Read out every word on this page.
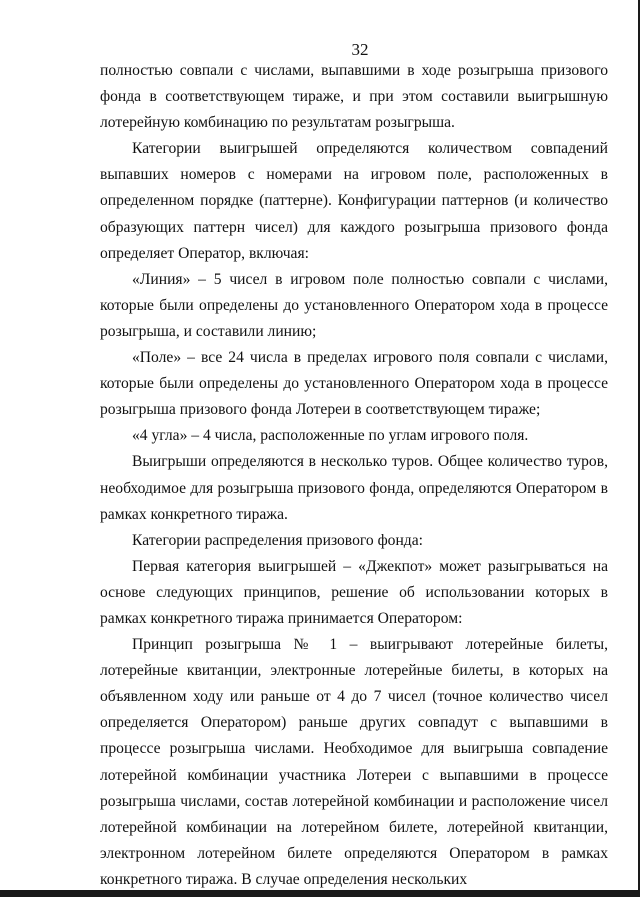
32

полностью совпали с числами, выпавшими в ходе розыгрыша призового фонда в соответствующем тираже, и при этом составили выигрышную лотерейную комбинацию по результатам розыгрыша.

Категории выигрышей определяются количеством совпадений выпавших номеров с номерами на игровом поле, расположенных в определенном порядке (паттерне). Конфигурации паттернов (и количество образующих паттерн чисел) для каждого розыгрыша призового фонда определяет Оператор, включая:

«Линия» – 5 чисел в игровом поле полностью совпали с числами, которые были определены до установленного Оператором хода в процессе розыгрыша, и составили линию;

«Поле» – все 24 числа в пределах игрового поля совпали с числами, которые были определены до установленного Оператором хода в процессе розыгрыша призового фонда Лотереи в соответствующем тираже;

«4 угла» – 4 числа, расположенные по углам игрового поля.

Выигрыши определяются в несколько туров. Общее количество туров, необходимое для розыгрыша призового фонда, определяются Оператором в рамках конкретного тиража.

Категории распределения призового фонда:

Первая категория выигрышей – «Джекпот» может разыгрываться на основе следующих принципов, решение об использовании которых в рамках конкретного тиража принимается Оператором:

Принцип розыгрыша № 1 – выигрывают лотерейные билеты, лотерейные квитанции, электронные лотерейные билеты, в которых на объявленном ходу или раньше от 4 до 7 чисел (точное количество чисел определяется Оператором) раньше других совпадут с выпавшими в процессе розыгрыша числами. Необходимое для выигрыша совпадение лотерейной комбинации участника Лотереи с выпавшими в процессе розыгрыша числами, состав лотерейной комбинации и расположение чисел лотерейной комбинации на лотерейном билете, лотерейной квитанции, электронном лотерейном билете определяются Оператором в рамках конкретного тиража. В случае определения нескольких
